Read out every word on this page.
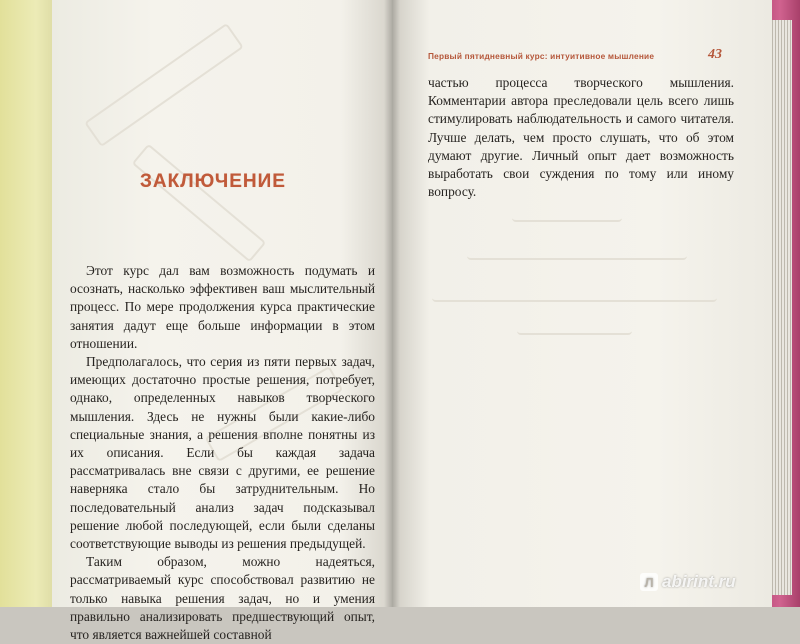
ЗАКЛЮЧЕНИЕ

Этот курс дал вам возможность подумать и осознать, насколько эффективен ваш мыслительный процесс. По мере продолжения курса практические занятия дадут еще больше информации в этом отношении.

Предполагалось, что серия из пяти первых задач, имеющих достаточно простые решения, потребует, однако, определенных навыков творческого мышления. Здесь не нужны были какие-либо специальные знания, а решения вполне понятны из их описания. Если бы каждая задача рассматривалась вне связи с другими, ее решение наверняка стало бы затруднительным. Но последовательный анализ задач подсказывал решение любой последующей, если были сделаны соответствующие выводы из решения предыдущей.

Таким образом, можно надеяться, рассматриваемый курс способствовал развитию не только навыка решения задач, но и умения правильно анализировать предшествующий опыт, что является важнейшей составной

Первый пятидневный курс: интуитивное мышление	43

частью процесса творческого мышления. Комментарии автора преследовали цель всего лишь стимулировать наблюдательность и самого читателя. Лучше делать, чем просто слушать, что об этом думают другие. Личный опыт дает возможность выработать свои суждения по тому или иному вопросу.

Л abirint.ru
